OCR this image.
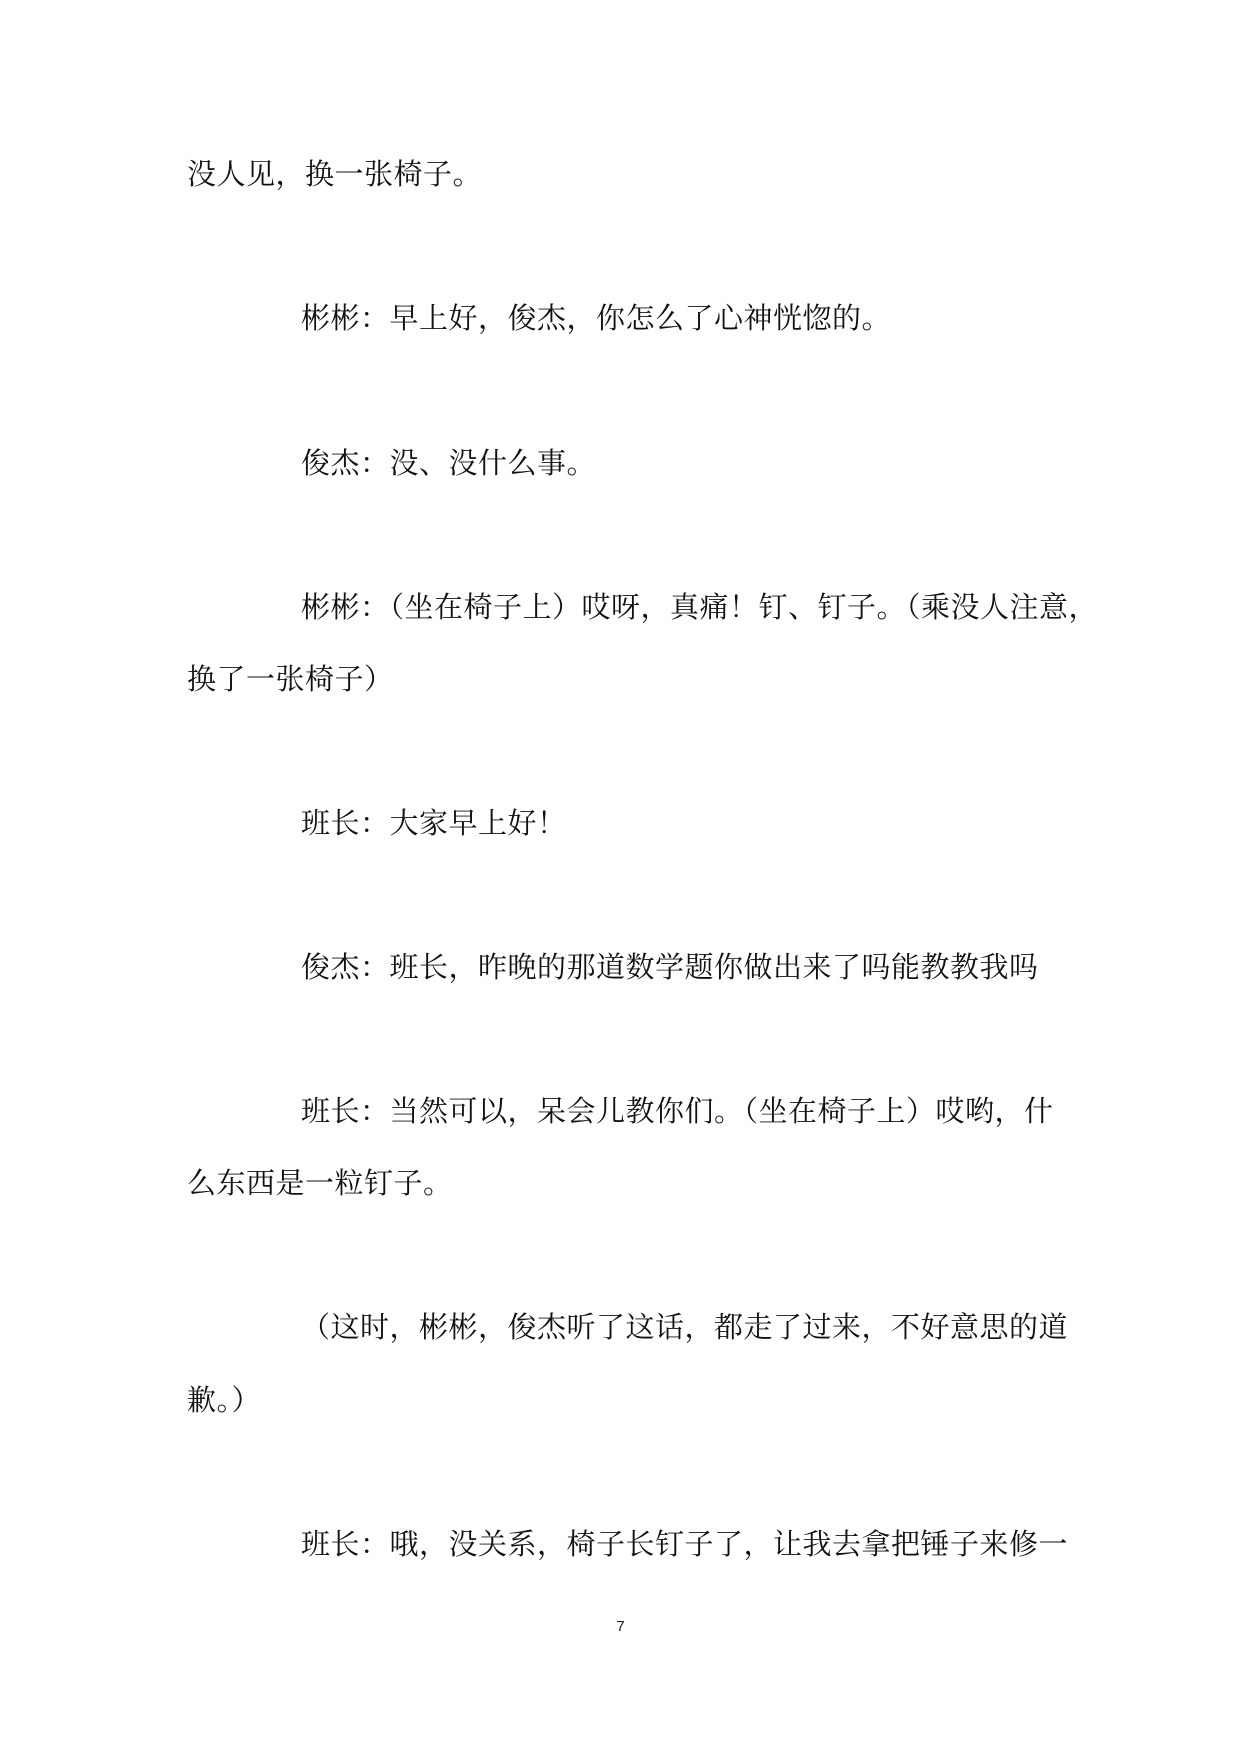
没人见，换一张椅子。
彬彬：早上好，俊杰，你怎么了心神恍惚的。
俊杰：没、没什么事。
彬彬：（坐在椅子上）哎呀，真痛！钉、钉子。（乘没人注意，
换了一张椅子）
班长：大家早上好！
俊杰：班长，昨晚的那道数学题你做出来了吗能教教我吗
班长：当然可以，呆会儿教你们。（坐在椅子上）哎哟，什
么东西是一粒钉子。
（这时，彬彬，俊杰听了这话，都走了过来，不好意思的道
歉。）
班长：哦，没关系，椅子长钉子了，让我去拿把锤子来修一
7
